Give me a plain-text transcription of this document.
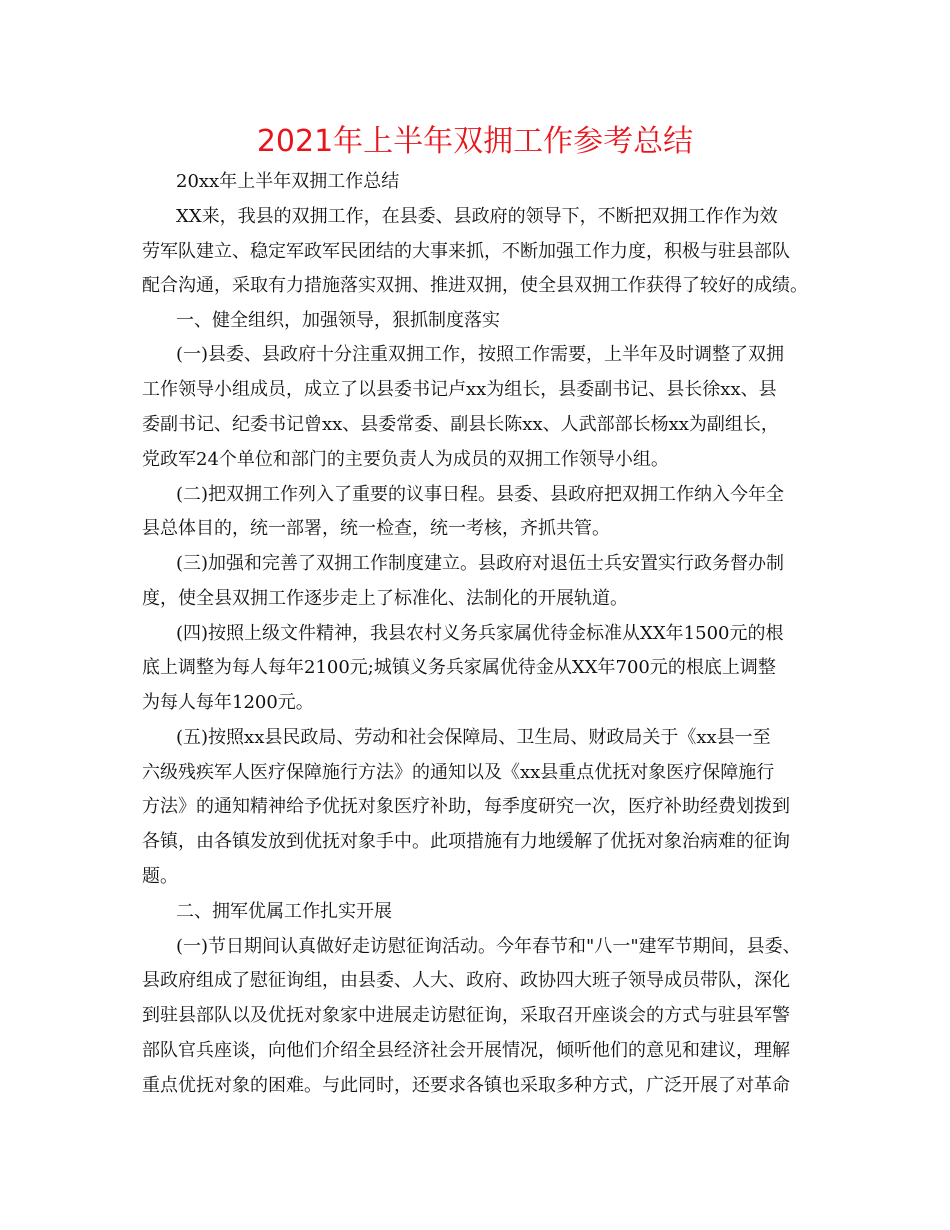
2021年上半年双拥工作参考总结
20xx年上半年双拥工作总结
XX来，我县的双拥工作，在县委、县政府的领导下，不断把双拥工作作为效
劳军队建立、稳定军政军民团结的大事来抓，不断加强工作力度，积极与驻县部队
配合沟通，采取有力措施落实双拥、推进双拥，使全县双拥工作获得了较好的成绩。
一、健全组织，加强领导，狠抓制度落实
(一)县委、县政府十分注重双拥工作，按照工作需要，上半年及时调整了双拥
工作领导小组成员，成立了以县委书记卢xx为组长，县委副书记、县长徐xx、县
委副书记、纪委书记曾xx、县委常委、副县长陈xx、人武部部长杨xx为副组长，
党政军24个单位和部门的主要负责人为成员的双拥工作领导小组。
(二)把双拥工作列入了重要的议事日程。县委、县政府把双拥工作纳入今年全
县总体目的，统一部署，统一检查，统一考核，齐抓共管。
(三)加强和完善了双拥工作制度建立。县政府对退伍士兵安置实行政务督办制
度，使全县双拥工作逐步走上了标准化、法制化的开展轨道。
(四)按照上级文件精神，我县农村义务兵家属优待金标准从XX年1500元的根
底上调整为每人每年2100元;城镇义务兵家属优待金从XX年700元的根底上调整
为每人每年1200元。
(五)按照xx县民政局、劳动和社会保障局、卫生局、财政局关于《xx县一至
六级残疾军人医疗保障施行方法》的通知以及《xx县重点优抚对象医疗保障施行
方法》的通知精神给予优抚对象医疗补助，每季度研究一次，医疗补助经费划拨到
各镇，由各镇发放到优抚对象手中。此项措施有力地缓解了优抚对象治病难的征询
题。
二、拥军优属工作扎实开展
(一)节日期间认真做好走访慰征询活动。今年春节和"八一"建军节期间，县委、
县政府组成了慰征询组，由县委、人大、政府、政协四大班子领导成员带队，深化
到驻县部队以及优抚对象家中进展走访慰征询，采取召开座谈会的方式与驻县军警
部队官兵座谈，向他们介绍全县经济社会开展情况，倾听他们的意见和建议，理解
重点优抚对象的困难。与此同时，还要求各镇也采取多种方式，广泛开展了对革命
